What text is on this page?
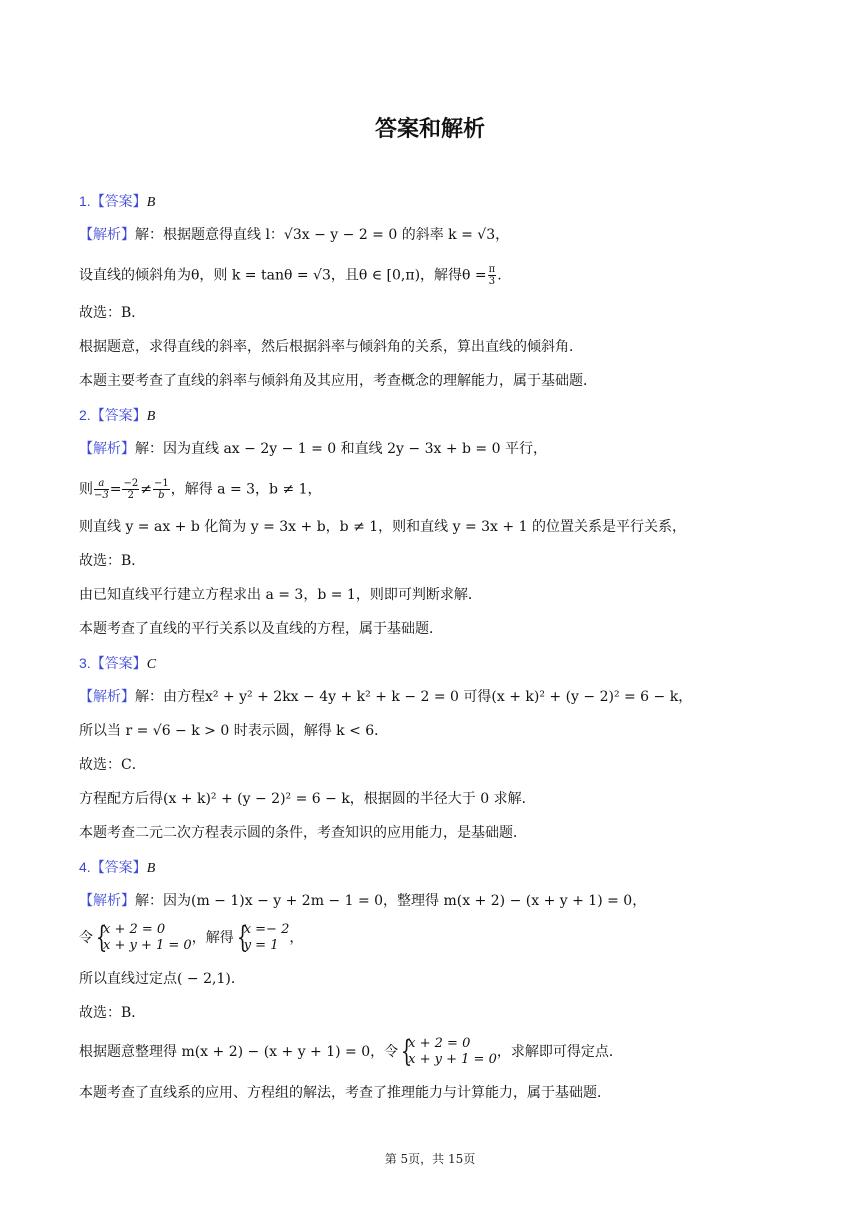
答案和解析
1.【答案】B
【解析】解：根据题意得直线 l：√3x − y − 2 = 0 的斜率 k = √3，
设直线的倾斜角为θ，则 k = tanθ = √3，且θ ∈ [0,π)，解得$\theta = \frac{\pi}{3}$ .
故选：B．
根据题意，求得直线的斜率，然后根据斜率与倾斜角的关系，算出直线的倾斜角．
本题主要考查了直线的斜率与倾斜角及其应用，考查概念的理解能力，属于基础题．
2.【答案】B
【解析】解：因为直线 ax − 2y − 1 = 0 和直线 2y − 3x + b = 0 平行，
则 $\frac{a}{-3} = \frac{-2}{2} \ne \frac{-1}{b}$ ，解得 a = 3，b ≠ 1，
则直线 y = ax + b 化简为 y = 3x + b，b ≠ 1，则和直线 y = 3x + 1 的位置关系是平行关系，
故选：B．
由已知直线平行建立方程求出 a = 3，b = 1，则即可判断求解．
本题考查了直线的平行关系以及直线的方程，属于基础题．
3.【答案】C
【解析】解：由方程x² + y² + 2kx − 4y + k² + k − 2 = 0 可得(x + k)² + (y − 2)² = 6 − k，
所以当 r = √6 − k > 0 时表示圆，解得 k < 6．
故选：C．
方程配方后得(x + k)² + (y − 2)² = 6 − k，根据圆的半径大于 0 求解．
本题考查二元二次方程表示圆的条件，考查知识的应用能力，是基础题．
4.【答案】B
【解析】解：因为(m − 1)x − y + 2m − 1 = 0，整理得 m(x + 2) − (x + y + 1) = 0，
令
{ x + 2 = 0
x + y + 1 = 0 ，解得
{ x =− 2
y = 1 ，
所以直线过定点( − 2,1)．
故选：B．
根据题意整理得 m(x + 2) − (x + y + 1) = 0，令
{ x + 2 = 0
x + y + 1 = 0 ，求解即可得定点．
本题考查了直线系的应用、方程组的解法，考查了推理能力与计算能力，属于基础题．
第 5页，共 15页
